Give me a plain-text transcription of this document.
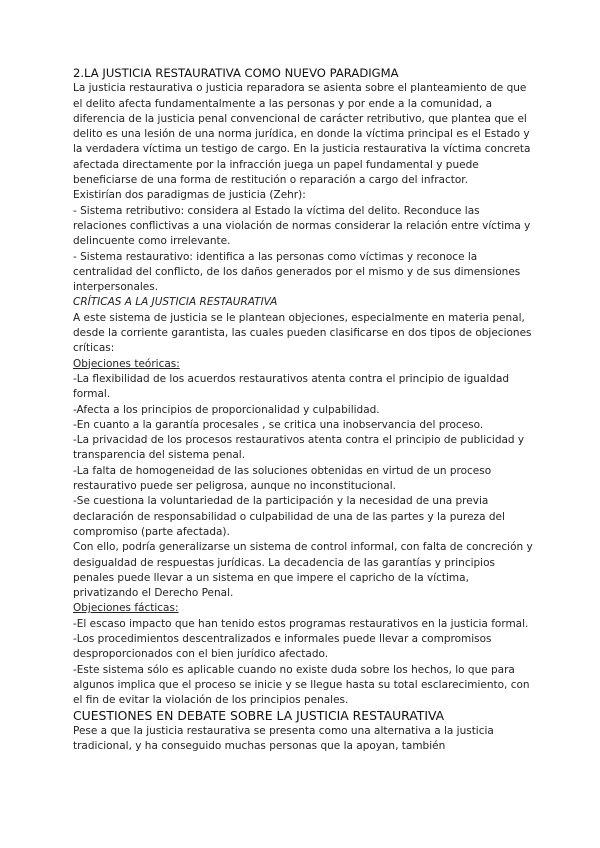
2.LA JUSTICIA RESTAURATIVA COMO NUEVO PARADIGMA

La justicia restaurativa o justicia reparadora se asienta sobre el planteamiento de que el delito afecta fundamentalmente a las personas y por ende a la comunidad, a diferencia de la justicia penal convencional de carácter retributivo, que plantea que el delito es una lesión de una norma jurídica, en donde la víctima principal es el Estado y la verdadera víctima un testigo de cargo. En la justicia restaurativa la víctima concreta afectada directamente por la infracción juega un papel fundamental y puede beneficiarse de una forma de restitución o reparación a cargo del infractor.

Existirían dos paradigmas de justicia (Zehr):

- Sistema retributivo: considera al Estado la víctima del delito. Reconduce las relaciones conflictivas a una violación de normas considerar la relación entre víctima y delincuente como irrelevante.

- Sistema restaurativo: identifica a las personas como víctimas y reconoce la centralidad del conflicto, de los daños generados por el mismo y de sus dimensiones interpersonales.

CRÍTICAS A LA JUSTICIA RESTAURATIVA

A este sistema de justicia se le plantean objeciones, especialmente en materia penal, desde la corriente garantista, las cuales pueden clasificarse en dos tipos de objeciones críticas:

Objeciones teóricas:

-La flexibilidad de los acuerdos restaurativos atenta contra el principio de igualdad formal.

-Afecta a los principios de proporcionalidad y culpabilidad.

-En cuanto a la garantía procesales , se critica una inobservancia del proceso.

-La privacidad de los procesos restaurativos atenta contra el principio de publicidad y transparencia del sistema penal.

-La falta de homogeneidad de las soluciones obtenidas en virtud de un proceso restaurativo puede ser peligrosa, aunque no inconstitucional.

-Se cuestiona la voluntariedad de la participación y la necesidad de una previa declaración de responsabilidad o culpabilidad de una de las partes y la pureza del compromiso (parte afectada).

Con ello, podría generalizarse un sistema de control informal, con falta de concreción y desigualdad de respuestas jurídicas. La decadencia de las garantías y principios penales puede llevar a un sistema en que impere el capricho de la víctima, privatizando el Derecho Penal.

Objeciones fácticas:

-El escaso impacto que han tenido estos programas restaurativos en la justicia formal.

-Los procedimientos descentralizados e informales puede llevar a compromisos desproporcionados con el bien jurídico afectado.

-Este sistema sólo es aplicable cuando no existe duda sobre los hechos, lo que para algunos implica que el proceso se inicie y se llegue hasta su total esclarecimiento, con el fin de evitar la violación de los principios penales.

CUESTIONES EN DEBATE SOBRE LA JUSTICIA RESTAURATIVA

Pese a que la justicia restaurativa se presenta como una alternativa a la justicia tradicional, y ha conseguido muchas personas que la apoyan, también
